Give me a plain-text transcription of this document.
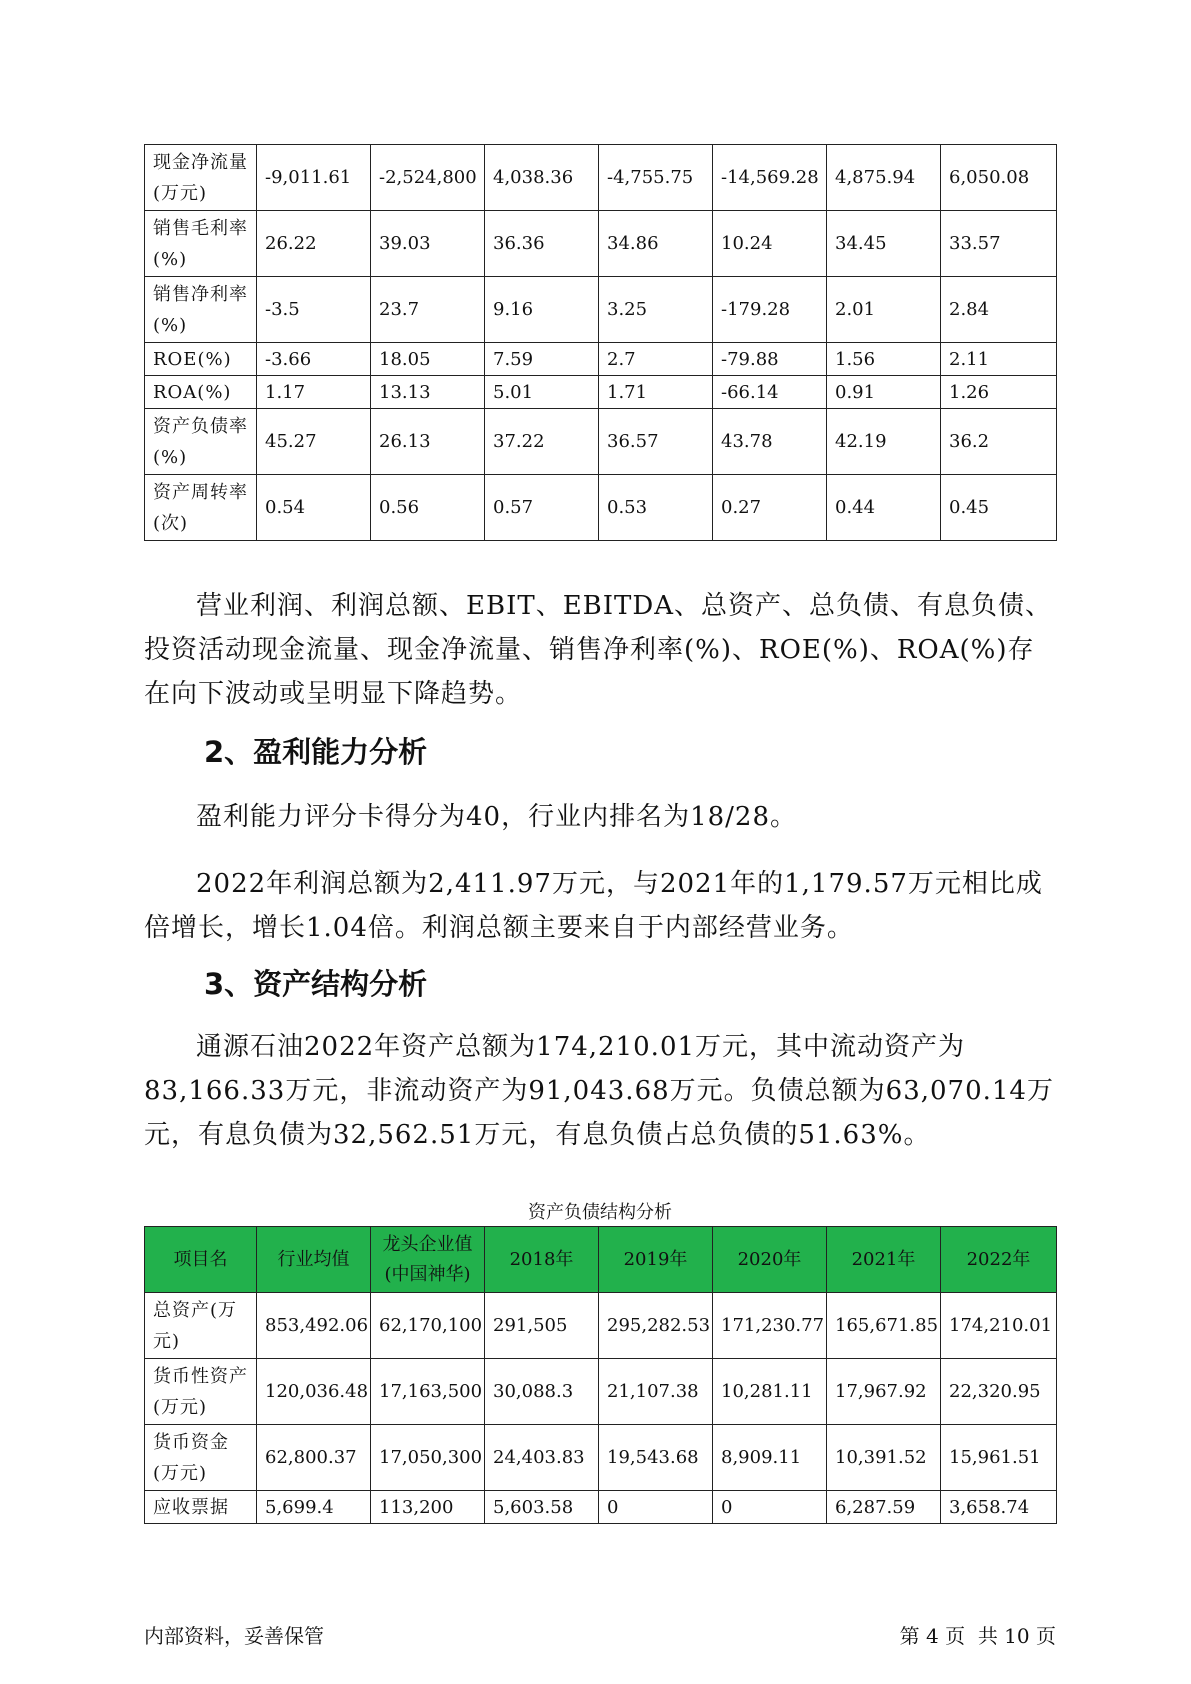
现金净流量(万元)	-9,011.61	-2,524,800	4,038.36	-4,755.75	-14,569.28	4,875.94	6,050.08
销售毛利率(%)	26.22	39.03	36.36	34.86	10.24	34.45	33.57
销售净利率(%)	-3.5	23.7	9.16	3.25	-179.28	2.01	2.84
ROE(%)	-3.66	18.05	7.59	2.7	-79.88	1.56	2.11
ROA(%)	1.17	13.13	5.01	1.71	-66.14	0.91	1.26
资产负债率(%)	45.27	26.13	37.22	36.57	43.78	42.19	36.2
资产周转率(次)	0.54	0.56	0.57	0.53	0.27	0.44	0.45

营业利润、利润总额、EBIT、EBITDA、总资产、总负债、有息负债、投资活动现金流量、现金净流量、销售净利率(%)、ROE(%)、ROA(%)存在向下波动或呈明显下降趋势。

2、盈利能力分析

盈利能力评分卡得分为40，行业内排名为18/28。

2022年利润总额为2,411.97万元，与2021年的1,179.57万元相比成倍增长，增长1.04倍。利润总额主要来自于内部经营业务。

3、资产结构分析

通源石油2022年资产总额为174,210.01万元，其中流动资产为83,166.33万元，非流动资产为91,043.68万元。负债总额为63,070.14万元，有息负债为32,562.51万元，有息负债占总负债的51.63%。

资产负债结构分析

项目名	行业均值	龙头企业值(中国神华)	2018年	2019年	2020年	2021年	2022年
总资产(万元)	853,492.06	62,170,100	291,505	295,282.53	171,230.77	165,671.85	174,210.01
货币性资产(万元)	120,036.48	17,163,500	30,088.3	21,107.38	10,281.11	17,967.92	22,320.95
货币资金(万元)	62,800.37	17,050,300	24,403.83	19,543.68	8,909.11	10,391.52	15,961.51
应收票据	5,699.4	113,200	5,603.58	0	0	6,287.59	3,658.74

内部资料，妥善保管	第 4 页  共 10 页
